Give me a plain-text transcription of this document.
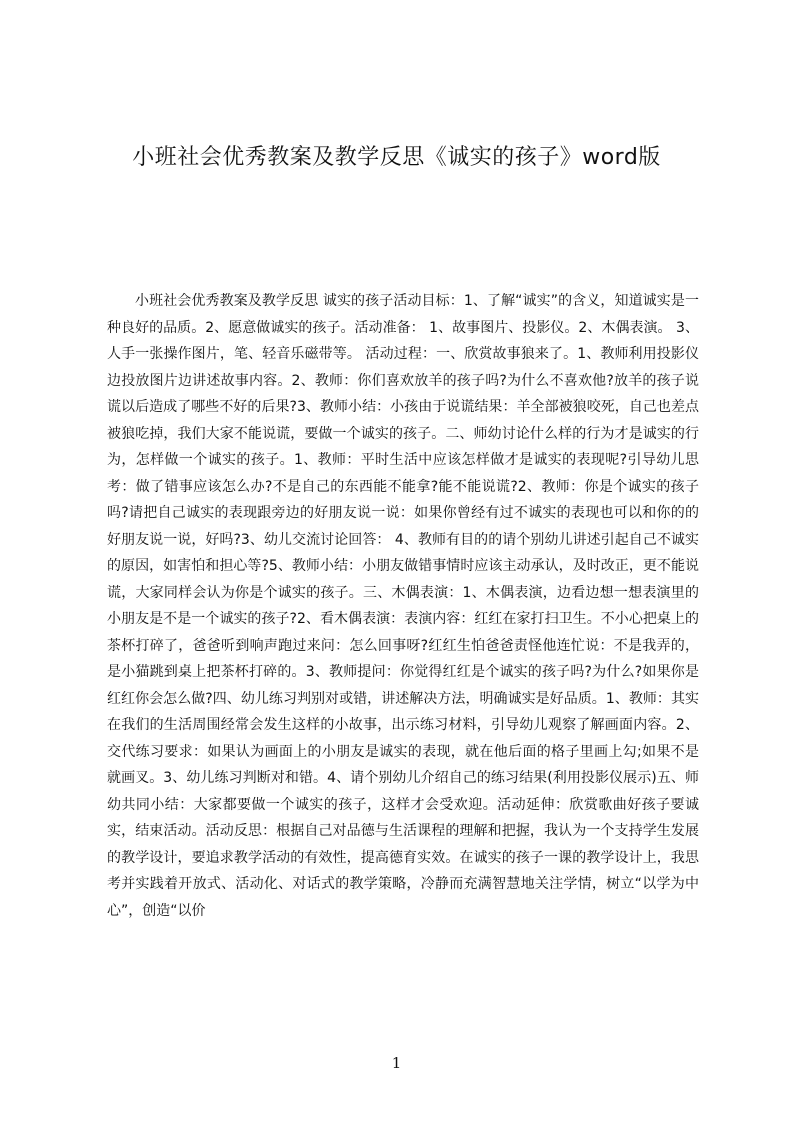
小班社会优秀教案及教学反思《诚实的孩子》word版

小班社会优秀教案及教学反思 诚实的孩子活动目标：1、了解“诚实”的含义，知道诚实是一种良好的品质。2、愿意做诚实的孩子。活动准备： 1、故事图片、投影仪。2、木偶表演。 3、人手一张操作图片，笔、轻音乐磁带等。 活动过程：一、欣赏故事狼来了。1、教师利用投影仪边投放图片边讲述故事内容。2、教师：你们喜欢放羊的孩子吗?为什么不喜欢他?放羊的孩子说谎以后造成了哪些不好的后果?3、教师小结：小孩由于说谎结果：羊全部被狼咬死，自己也差点被狼吃掉，我们大家不能说谎，要做一个诚实的孩子。二、师幼讨论什么样的行为才是诚实的行为，怎样做一个诚实的孩子。1、教师：平时生活中应该怎样做才是诚实的表现呢?引导幼儿思考：做了错事应该怎么办?不是自己的东西能不能拿?能不能说谎?2、教师：你是个诚实的孩子吗?请把自己诚实的表现跟旁边的好朋友说一说：如果你曾经有过不诚实的表现也可以和你的的好朋友说一说，好吗?3、幼儿交流讨论回答： 4、教师有目的的请个别幼儿讲述引起自己不诚实的原因，如害怕和担心等?5、教师小结：小朋友做错事情时应该主动承认，及时改正，更不能说谎，大家同样会认为你是个诚实的孩子。三、木偶表演：1、木偶表演，边看边想一想表演里的小朋友是不是一个诚实的孩子?2、看木偶表演：表演内容：红红在家打扫卫生。不小心把桌上的茶杯打碎了，爸爸听到响声跑过来问：怎么回事呀?红红生怕爸爸责怪他连忙说：不是我弄的，是小猫跳到桌上把茶杯打碎的。3、教师提问：你觉得红红是个诚实的孩子吗?为什么?如果你是红红你会怎么做?四、幼儿练习判别对或错，讲述解决方法，明确诚实是好品质。1、教师：其实在我们的生活周围经常会发生这样的小故事，出示练习材料，引导幼儿观察了解画面内容。2、交代练习要求：如果认为画面上的小朋友是诚实的表现，就在他后面的格子里画上勾;如果不是就画叉。3、幼儿练习判断对和错。4、请个别幼儿介绍自己的练习结果(利用投影仪展示)五、师幼共同小结：大家都要做一个诚实的孩子，这样才会受欢迎。活动延伸：欣赏歌曲好孩子要诚实，结束活动。活动反思：根据自己对品德与生活课程的理解和把握，我认为一个支持学生发展的教学设计，要追求教学活动的有效性，提高德育实效。在诚实的孩子一课的教学设计上，我思考并实践着开放式、活动化、对话式的教学策略，冷静而充满智慧地关注学情，树立“以学为中心”，创造“以价

1
